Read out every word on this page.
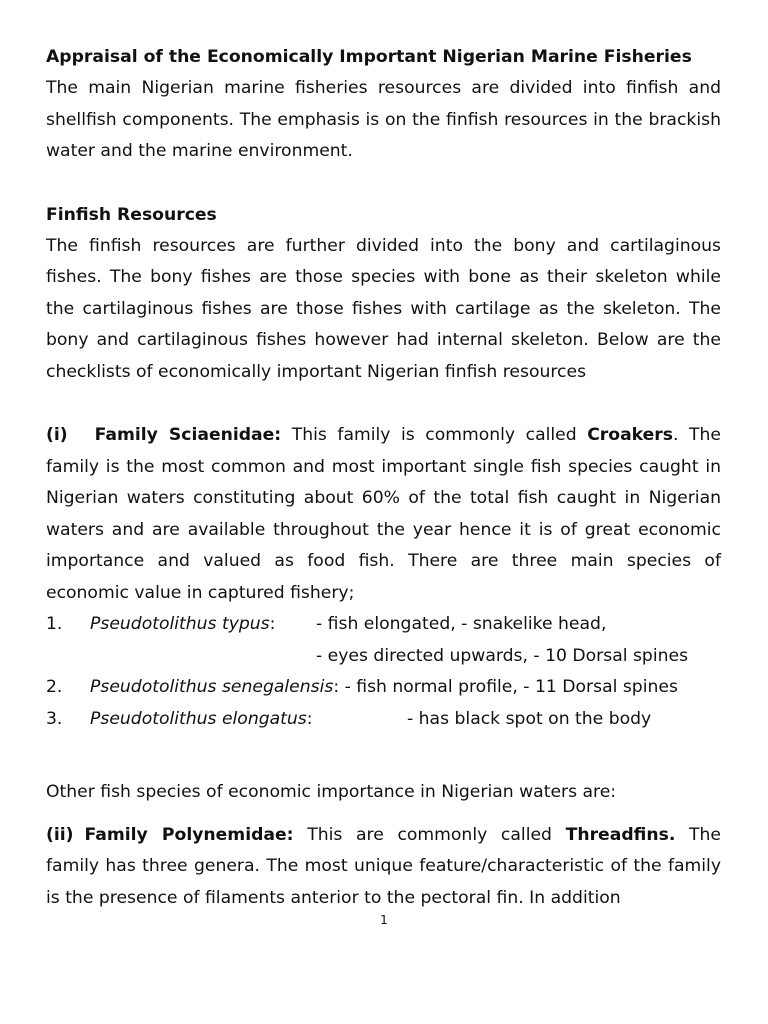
Appraisal of the Economically Important Nigerian Marine Fisheries

The main Nigerian marine fisheries resources are divided into finfish and shellfish components. The emphasis is on the finfish resources in the brackish water and the marine environment.

Finfish Resources

The finfish resources are further divided into the bony and cartilaginous fishes. The bony fishes are those species with bone as their skeleton while the cartilaginous fishes are those fishes with cartilage as the skeleton. The bony and cartilaginous fishes however had internal skeleton. Below are the checklists of economically important Nigerian finfish resources

(i) Family Sciaenidae: This family is commonly called Croakers. The family is the most common and most important single fish species caught in Nigerian waters constituting about 60% of the total fish caught in Nigerian waters and are available throughout the year hence it is of great economic importance and valued as food fish. There are three main species of economic value in captured fishery;

1. Pseudotolithus typus: - fish elongated, - snakelike head,
- eyes directed upwards, - 10 Dorsal spines
2. Pseudotolithus senegalensis: - fish normal profile, - 11 Dorsal spines
3. Pseudotolithus elongatus:	- has black spot on the body

Other fish species of economic importance in Nigerian waters are:

(ii) Family Polynemidae: This are commonly called Threadfins. The family has three genera. The most unique feature/characteristic of the family is the presence of filaments anterior to the pectoral fin. In addition

1
